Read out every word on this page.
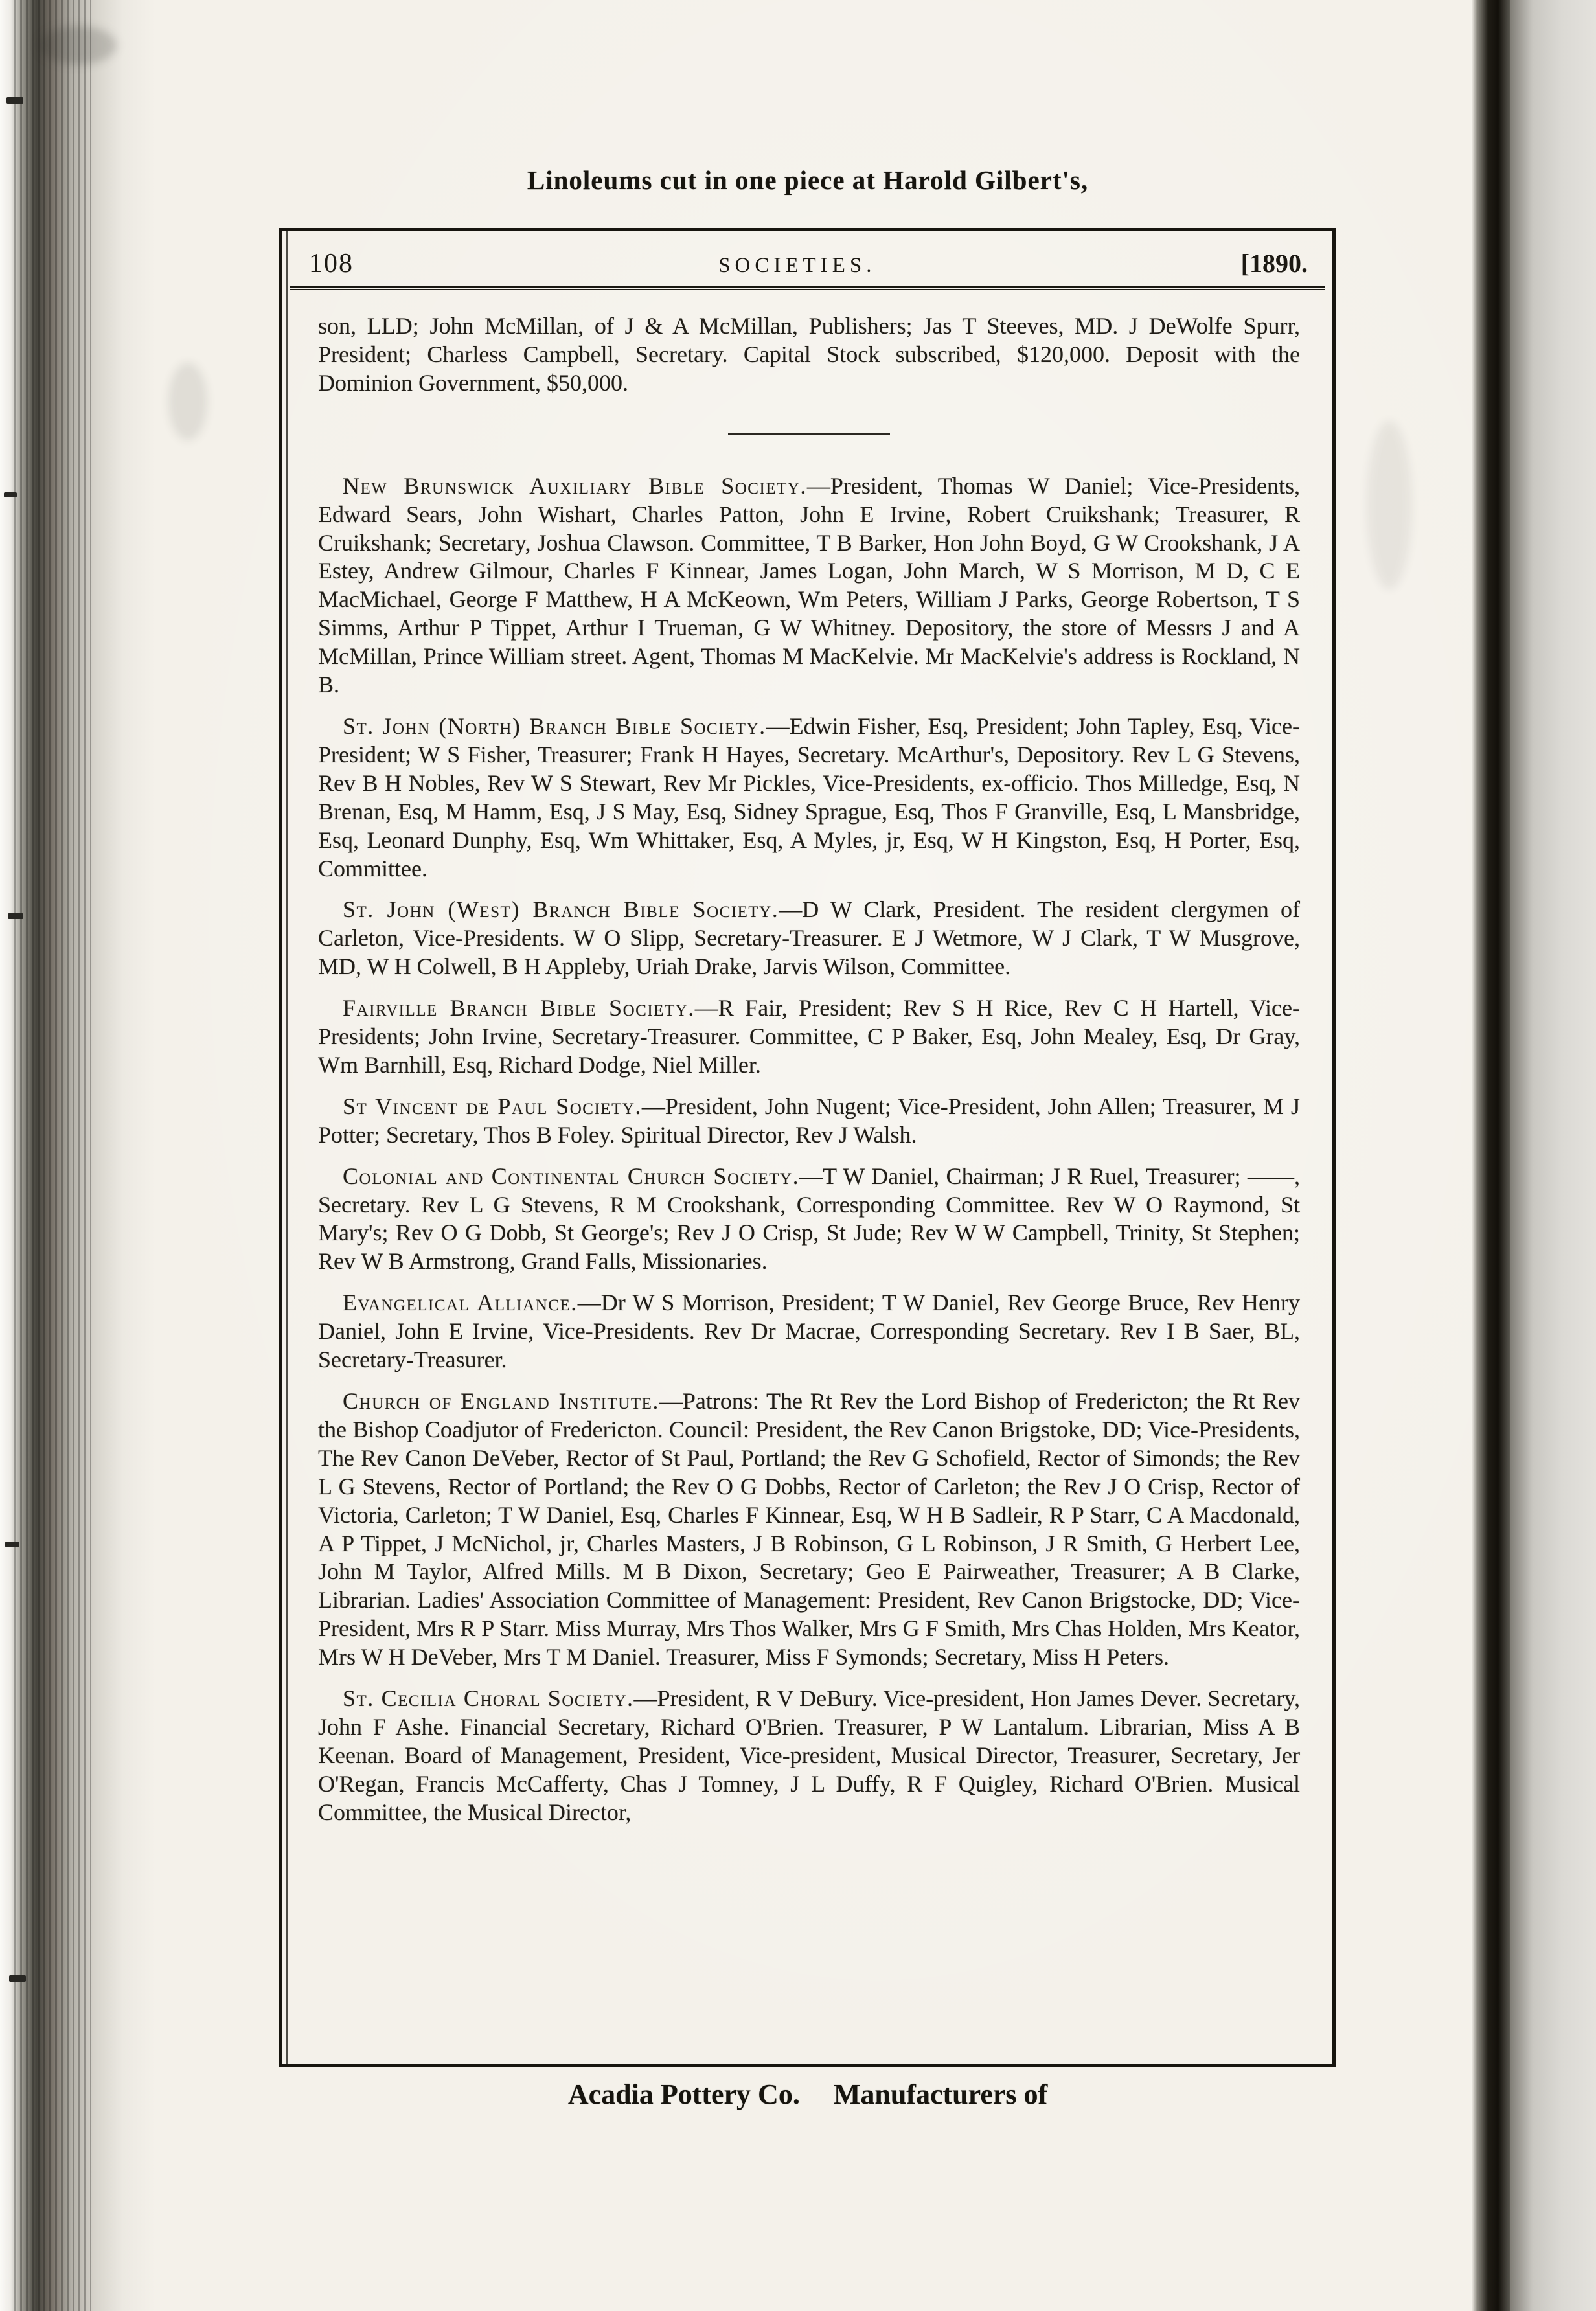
Linoleums cut in one piece at Harold Gilbert's,
108	SOCIETIES.	[1890.

son, LLD; John McMillan, of J & A McMillan, Publishers; Jas T Steeves, MD. J DeWolfe Spurr, President; Charless Campbell, Secretary. Capital Stock subscribed, $120,000. Deposit with the Dominion Government, $50,000.

New Brunswick Auxiliary Bible Society.—President, Thomas W Daniel; Vice-Presidents, Edward Sears, John Wishart, Charles Patton, John E Irvine, Robert Cruikshank; Treasurer, R Cruikshank; Secretary, Joshua Clawson. Committee, T B Barker, Hon John Boyd, G W Crookshank, J A Estey, Andrew Gilmour, Charles F Kinnear, James Logan, John March, W S Morrison, M D, C E MacMichael, George F Matthew, H A McKeown, Wm Peters, William J Parks, George Robertson, T S Simms, Arthur P Tippet, Arthur I Trueman, G W Whitney. Depository, the store of Messrs J and A McMillan, Prince William street. Agent, Thomas M MacKelvie. Mr MacKelvie's address is Rockland, N B.

St. John (North) Branch Bible Society.—Edwin Fisher, Esq, President; John Tapley, Esq, Vice-President; W S Fisher, Treasurer; Frank H Hayes, Secretary. McArthur's, Depository. Rev L G Stevens, Rev B H Nobles, Rev W S Stewart, Rev Mr Pickles, Vice-Presidents, ex-officio. Thos Milledge, Esq, N Brenan, Esq, M Hamm, Esq, J S May, Esq, Sidney Sprague, Esq, Thos F Granville, Esq, L Mansbridge, Esq, Leonard Dunphy, Esq, Wm Whittaker, Esq, A Myles, jr, Esq, W H Kingston, Esq, H Porter, Esq, Committee.

St. John (West) Branch Bible Society.—D W Clark, President. The resident clergymen of Carleton, Vice-Presidents. W O Slipp, Secretary-Treasurer. E J Wetmore, W J Clark, T W Musgrove, MD, W H Colwell, B H Appleby, Uriah Drake, Jarvis Wilson, Committee.

Fairville Branch Bible Society.—R Fair, President; Rev S H Rice, Rev C H Hartell, Vice-Presidents; John Irvine, Secretary-Treasurer. Committee, C P Baker, Esq, John Mealey, Esq, Dr Gray, Wm Barnhill, Esq, Richard Dodge, Niel Miller.

St Vincent de Paul Society.—President, John Nugent; Vice-President, John Allen; Treasurer, M J Potter; Secretary, Thos B Foley. Spiritual Director, Rev J Walsh.

Colonial and Continental Church Society.—T W Daniel, Chairman; J R Ruel, Treasurer; ——, Secretary. Rev L G Stevens, R M Crookshank, Corresponding Committee. Rev W O Raymond, St Mary's; Rev O G Dobb, St George's; Rev J O Crisp, St Jude; Rev W W Campbell, Trinity, St Stephen; Rev W B Armstrong, Grand Falls, Missionaries.

Evangelical Alliance.—Dr W S Morrison, President; T W Daniel, Rev George Bruce, Rev Henry Daniel, John E Irvine, Vice-Presidents. Rev Dr Macrae, Corresponding Secretary. Rev I B Saer, BL, Secretary-Treasurer.

Church of England Institute.—Patrons: The Rt Rev the Lord Bishop of Fredericton; the Rt Rev the Bishop Coadjutor of Fredericton. Council: President, the Rev Canon Brigstoke, DD; Vice-Presidents, The Rev Canon DeVeber, Rector of St Paul, Portland; the Rev G Schofield, Rector of Simonds; the Rev L G Stevens, Rector of Portland; the Rev O G Dobbs, Rector of Carleton; the Rev J O Crisp, Rector of Victoria, Carleton; T W Daniel, Esq, Charles F Kinnear, Esq, W H B Sadleir, R P Starr, C A Macdonald, A P Tippet, J McNichol, jr, Charles Masters, J B Robinson, G L Robinson, J R Smith, G Herbert Lee, John M Taylor, Alfred Mills. M B Dixon, Secretary; Geo E Pairweather, Treasurer; A B Clarke, Librarian. Ladies' Association Committee of Management: President, Rev Canon Brigstocke, DD; Vice-President, Mrs R P Starr. Miss Murray, Mrs Thos Walker, Mrs G F Smith, Mrs Chas Holden, Mrs Keator, Mrs W H DeVeber, Mrs T M Daniel. Treasurer, Miss F Symonds; Secretary, Miss H Peters.

St. Cecilia Choral Society.—President, R V DeBury. Vice-president, Hon James Dever. Secretary, John F Ashe. Financial Secretary, Richard O'Brien. Treasurer, P W Lantalum. Librarian, Miss A B Keenan. Board of Management, President, Vice-president, Musical Director, Treasurer, Secretary, Jer O'Regan, Francis McCafferty, Chas J Tomney, J L Duffy, R F Quigley, Richard O'Brien. Musical Committee, the Musical Director,

Acadia Pottery Co. Manufacturers of
